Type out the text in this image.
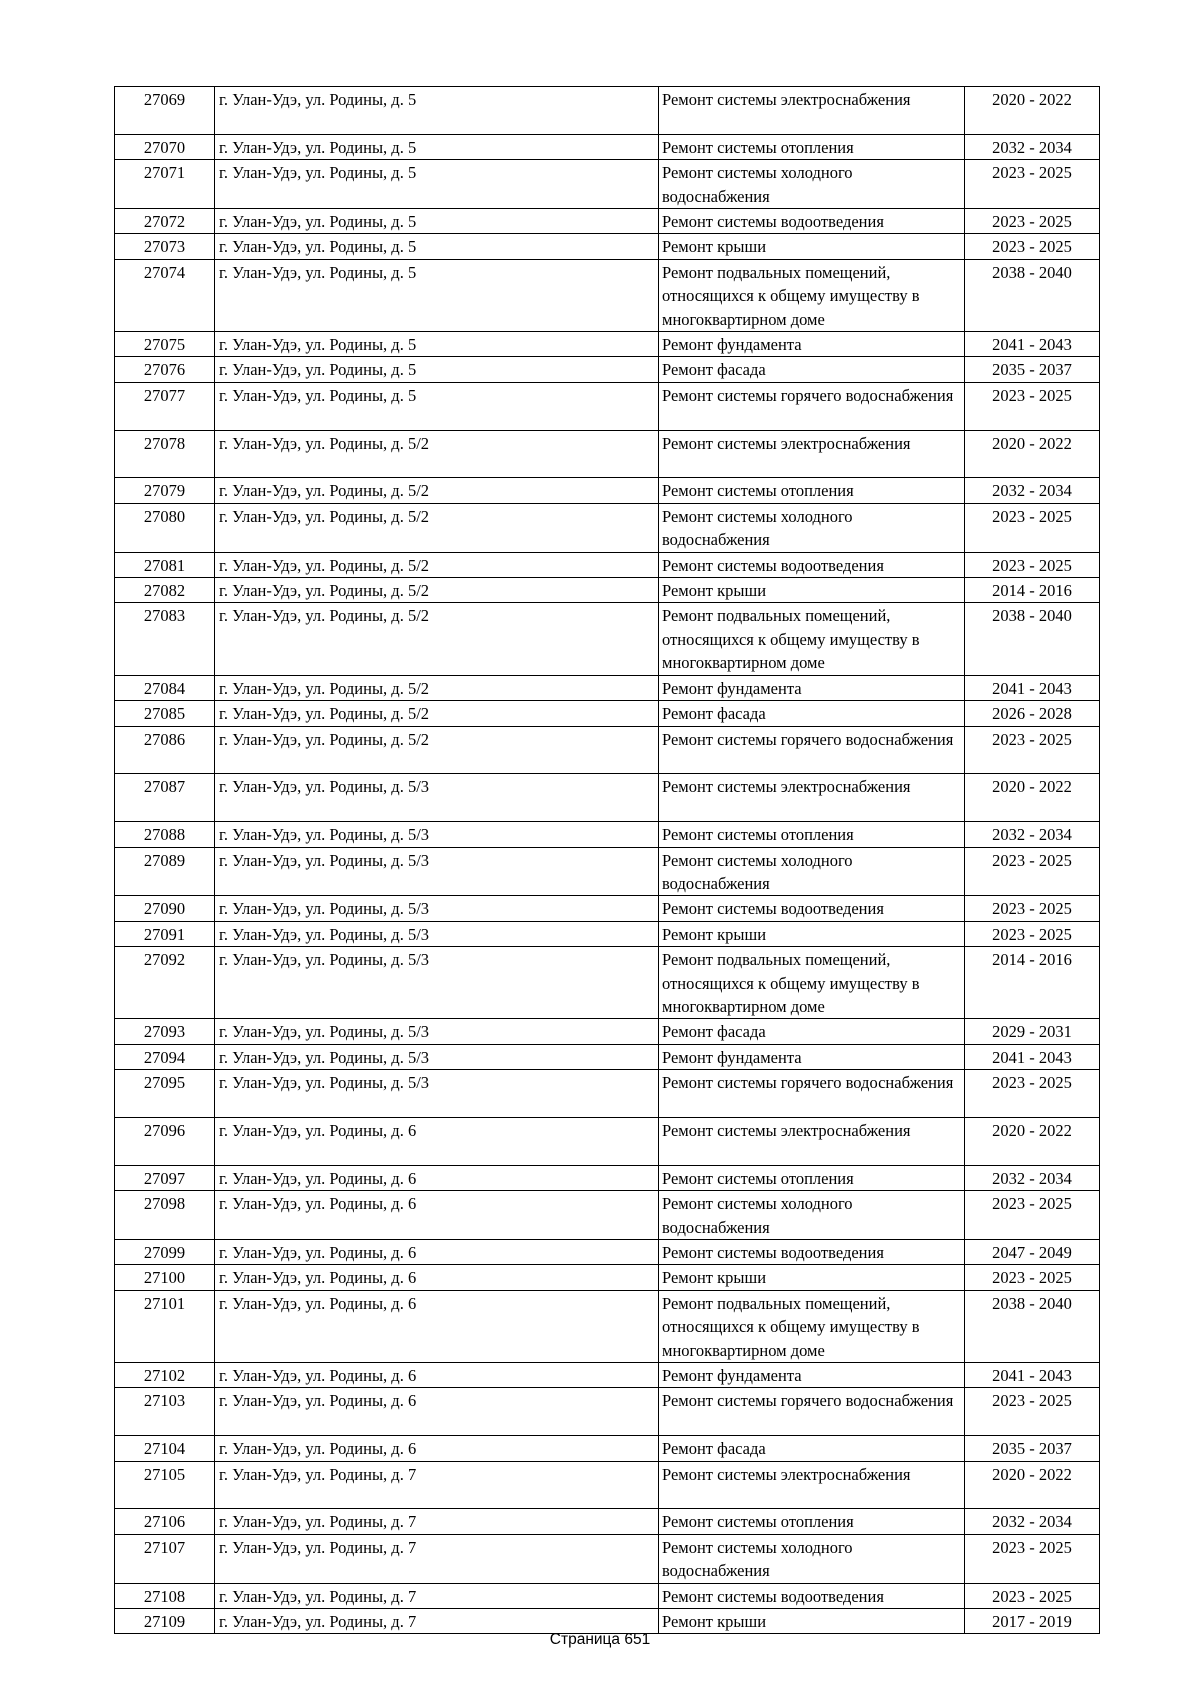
27069	г. Улан-Удэ, ул. Родины, д. 5	Ремонт системы электроснабжения	2020 - 2022
27070	г. Улан-Удэ, ул. Родины, д. 5	Ремонт системы отопления	2032 - 2034
27071	г. Улан-Удэ, ул. Родины, д. 5	Ремонт системы холодного водоснабжения	2023 - 2025
27072	г. Улан-Удэ, ул. Родины, д. 5	Ремонт системы водоотведения	2023 - 2025
27073	г. Улан-Удэ, ул. Родины, д. 5	Ремонт крыши	2023 - 2025
27074	г. Улан-Удэ, ул. Родины, д. 5	Ремонт подвальных помещений, относящихся к общему имуществу в многоквартирном доме	2038 - 2040
27075	г. Улан-Удэ, ул. Родины, д. 5	Ремонт фундамента	2041 - 2043
27076	г. Улан-Удэ, ул. Родины, д. 5	Ремонт фасада	2035 - 2037
27077	г. Улан-Удэ, ул. Родины, д. 5	Ремонт системы горячего водоснабжения	2023 - 2025
27078	г. Улан-Удэ, ул. Родины, д. 5/2	Ремонт системы электроснабжения	2020 - 2022
27079	г. Улан-Удэ, ул. Родины, д. 5/2	Ремонт системы отопления	2032 - 2034
27080	г. Улан-Удэ, ул. Родины, д. 5/2	Ремонт системы холодного водоснабжения	2023 - 2025
27081	г. Улан-Удэ, ул. Родины, д. 5/2	Ремонт системы водоотведения	2023 - 2025
27082	г. Улан-Удэ, ул. Родины, д. 5/2	Ремонт крыши	2014 - 2016
27083	г. Улан-Удэ, ул. Родины, д. 5/2	Ремонт подвальных помещений, относящихся к общему имуществу в многоквартирном доме	2038 - 2040
27084	г. Улан-Удэ, ул. Родины, д. 5/2	Ремонт фундамента	2041 - 2043
27085	г. Улан-Удэ, ул. Родины, д. 5/2	Ремонт фасада	2026 - 2028
27086	г. Улан-Удэ, ул. Родины, д. 5/2	Ремонт системы горячего водоснабжения	2023 - 2025
27087	г. Улан-Удэ, ул. Родины, д. 5/3	Ремонт системы электроснабжения	2020 - 2022
27088	г. Улан-Удэ, ул. Родины, д. 5/3	Ремонт системы отопления	2032 - 2034
27089	г. Улан-Удэ, ул. Родины, д. 5/3	Ремонт системы холодного водоснабжения	2023 - 2025
27090	г. Улан-Удэ, ул. Родины, д. 5/3	Ремонт системы водоотведения	2023 - 2025
27091	г. Улан-Удэ, ул. Родины, д. 5/3	Ремонт крыши	2023 - 2025
27092	г. Улан-Удэ, ул. Родины, д. 5/3	Ремонт подвальных помещений, относящихся к общему имуществу в многоквартирном доме	2014 - 2016
27093	г. Улан-Удэ, ул. Родины, д. 5/3	Ремонт фасада	2029 - 2031
27094	г. Улан-Удэ, ул. Родины, д. 5/3	Ремонт фундамента	2041 - 2043
27095	г. Улан-Удэ, ул. Родины, д. 5/3	Ремонт системы горячего водоснабжения	2023 - 2025
27096	г. Улан-Удэ, ул. Родины, д. 6	Ремонт системы электроснабжения	2020 - 2022
27097	г. Улан-Удэ, ул. Родины, д. 6	Ремонт системы отопления	2032 - 2034
27098	г. Улан-Удэ, ул. Родины, д. 6	Ремонт системы холодного водоснабжения	2023 - 2025
27099	г. Улан-Удэ, ул. Родины, д. 6	Ремонт системы водоотведения	2047 - 2049
27100	г. Улан-Удэ, ул. Родины, д. 6	Ремонт крыши	2023 - 2025
27101	г. Улан-Удэ, ул. Родины, д. 6	Ремонт подвальных помещений, относящихся к общему имуществу в многоквартирном доме	2038 - 2040
27102	г. Улан-Удэ, ул. Родины, д. 6	Ремонт фундамента	2041 - 2043
27103	г. Улан-Удэ, ул. Родины, д. 6	Ремонт системы горячего водоснабжения	2023 - 2025
27104	г. Улан-Удэ, ул. Родины, д. 6	Ремонт фасада	2035 - 2037
27105	г. Улан-Удэ, ул. Родины, д. 7	Ремонт системы электроснабжения	2020 - 2022
27106	г. Улан-Удэ, ул. Родины, д. 7	Ремонт системы отопления	2032 - 2034
27107	г. Улан-Удэ, ул. Родины, д. 7	Ремонт системы холодного водоснабжения	2023 - 2025
27108	г. Улан-Удэ, ул. Родины, д. 7	Ремонт системы водоотведения	2023 - 2025
27109	г. Улан-Удэ, ул. Родины, д. 7	Ремонт крыши	2017 - 2019
Страница 651
